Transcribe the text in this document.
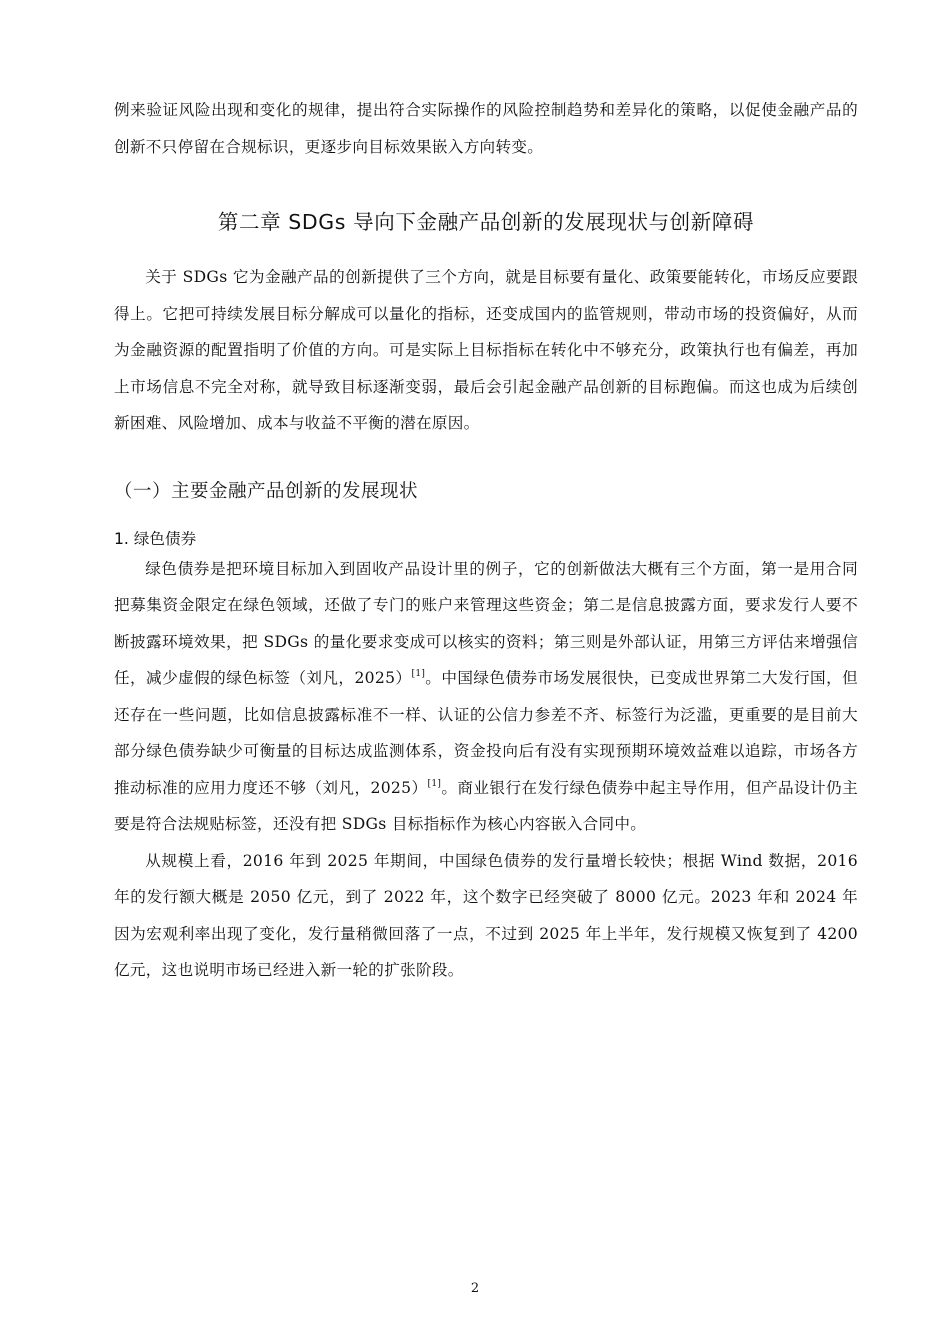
例来验证风险出现和变化的规律，提出符合实际操作的风险控制趋势和差异化的策略，以促使金融产品的创新不只停留在合规标识，更逐步向目标效果嵌入方向转变。

第二章 SDGs 导向下金融产品创新的发展现状与创新障碍

关于 SDGs 它为金融产品的创新提供了三个方向，就是目标要有量化、政策要能转化，市场反应要跟得上。它把可持续发展目标分解成可以量化的指标，还变成国内的监管规则，带动市场的投资偏好，从而为金融资源的配置指明了价值的方向。可是实际上目标指标在转化中不够充分，政策执行也有偏差，再加上市场信息不完全对称，就导致目标逐渐变弱，最后会引起金融产品创新的目标跑偏。而这也成为后续创新困难、风险增加、成本与收益不平衡的潜在原因。

（一）主要金融产品创新的发展现状
1. 绿色债券

绿色债券是把环境目标加入到固收产品设计里的例子，它的创新做法大概有三个方面，第一是用合同把募集资金限定在绿色领域，还做了专门的账户来管理这些资金；第二是信息披露方面，要求发行人要不断披露环境效果，把 SDGs 的量化要求变成可以核实的资料；第三则是外部认证，用第三方评估来增强信任，减少虚假的绿色标签（刘凡，2025）[1]。中国绿色债券市场发展很快，已变成世界第二大发行国，但还存在一些问题，比如信息披露标准不一样、认证的公信力参差不齐、标签行为泛滥，更重要的是目前大部分绿色债券缺少可衡量的目标达成监测体系，资金投向后有没有实现预期环境效益难以追踪，市场各方推动标准的应用力度还不够（刘凡，2025）[1]。商业银行在发行绿色债券中起主导作用，但产品设计仍主要是符合法规贴标签，还没有把 SDGs 目标指标作为核心内容嵌入合同中。

从规模上看，2016 年到 2025 年期间，中国绿色债券的发行量增长较快；根据 Wind 数据，2016 年的发行额大概是 2050 亿元，到了 2022 年，这个数字已经突破了 8000 亿元。2023 年和 2024 年因为宏观利率出现了变化，发行量稍微回落了一点，不过到 2025 年上半年，发行规模又恢复到了 4200 亿元，这也说明市场已经进入新一轮的扩张阶段。

2
